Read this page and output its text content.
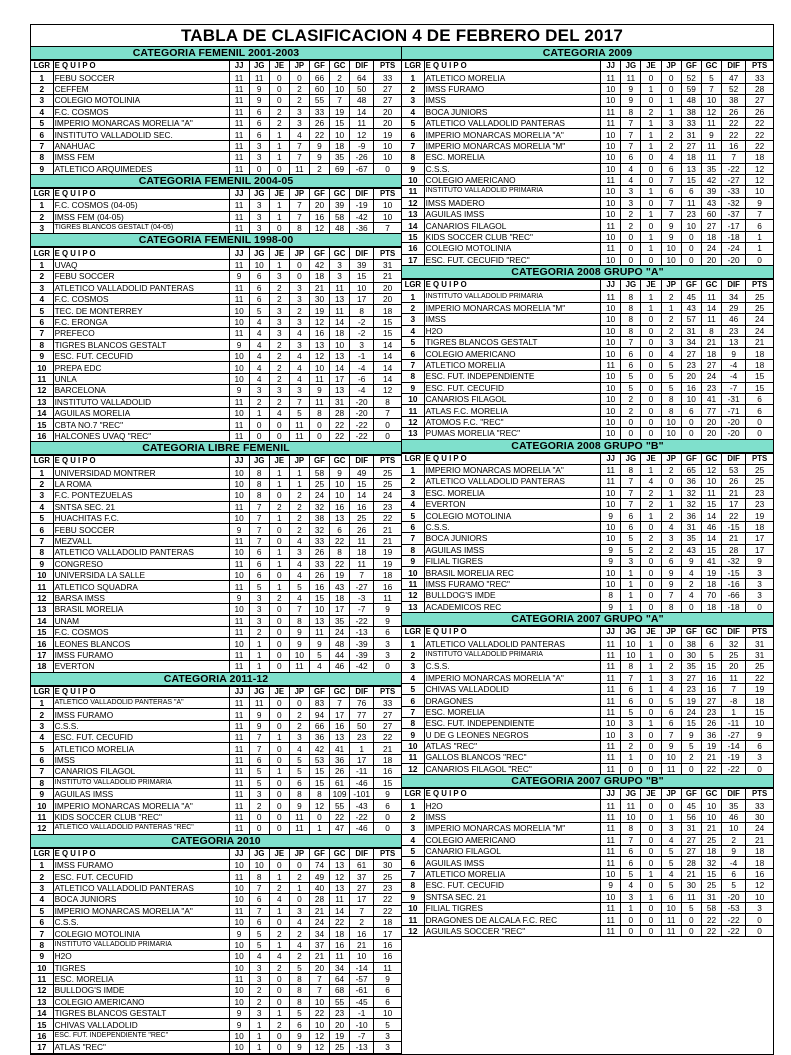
TABLA DE CLASIFICACION 4 DE FEBRERO DEL 2017
CATEGORIA FEMENIL 2001-2003
LGR	E Q U I P O	JJ	JG	JE	JP	GF	GC	DIF	PTS
1	FEBU SOCCER	11	11	0	0	66	2	64	33
2	CEFFEM	11	9	0	2	60	10	50	27
3	COLEGIO MOTOLINIA	11	9	0	2	55	7	48	27
4	F.C. COSMOS	11	6	2	3	33	19	14	20
5	IMPERIO MONARCAS MORELIA "A"	11	6	2	3	26	15	11	20
6	INSTITUTO VALLADOLID SEC.	11	6	1	4	22	10	12	19
7	ANAHUAC	11	3	1	7	9	18	-9	10
8	IMSS FEM	11	3	1	7	9	35	-26	10
9	ATLETICO ARQUIMEDES	11	0	0	11	2	69	-67	0
CATEGORIA FEMENIL 2004-05
LGR	E Q U I P O	JJ	JG	JE	JP	GF	GC	DIF	PTS
1	F.C. COSMOS (04-05)	11	3	1	7	20	39	-19	10
2	IMSS FEM (04-05)	11	3	1	7	16	58	-42	10
3	TIGRES BLANCOS GESTALT (04-05)	11	3	0	8	12	48	-36	7
CATEGORIA FEMENIL 1998-00
LGR	E Q U I P O	JJ	JG	JE	JP	GF	GC	DIF	PTS
1	UVAQ	11	10	1	0	42	3	39	31
2	FEBU SOCCER	9	6	3	0	18	3	15	21
3	ATLETICO VALLADOLID PANTERAS	11	6	2	3	21	11	10	20
4	F.C. COSMOS	11	6	2	3	30	13	17	20
5	TEC. DE MONTERREY	10	5	3	2	19	11	8	18
6	F.C. ERONGA	10	4	3	3	12	14	-2	15
7	PREFECO	11	4	3	4	16	18	-2	15
8	TIGRES BLANCOS GESTALT	9	4	2	3	13	10	3	14
9	ESC. FUT. CECUFID	10	4	2	4	12	13	-1	14
10	PREPA EDC	10	4	2	4	10	14	-4	14
11	UNLA	10	4	2	4	11	17	-6	14
12	BARCELONA	9	3	3	3	9	13	-4	12
13	INSTITUTO VALLADOLID	11	2	2	7	11	31	-20	8
14	AGUILAS MORELIA	10	1	4	5	8	28	-20	7
15	CBTA NO.7 "REC"	11	0	0	11	0	22	-22	0
16	HALCONES UVAQ "REC"	11	0	0	11	0	22	-22	0
CATEGORIA LIBRE FEMENIL
LGR	E Q U I P O	JJ	JG	JE	JP	GF	GC	DIF	PTS
1	UNIVERSIDAD MONTRER	10	8	1	1	58	9	49	25
2	LA ROMA	10	8	1	1	25	10	15	25
3	F.C. PONTEZUELAS	10	8	0	2	24	10	14	24
4	SNTSA SEC. 21	11	7	2	2	32	16	16	23
5	HUACHITAS F.C.	10	7	1	2	38	13	25	22
6	FEBU SOCCER	9	7	0	2	32	6	26	21
7	MEZVALL	11	7	0	4	33	22	11	21
8	ATLETICO VALLADOLID PANTERAS	10	6	1	3	26	8	18	19
9	CONGRESO	11	6	1	4	33	22	11	19
10	UNIVERSIDA LA SALLE	10	6	0	4	26	19	7	18
11	ATLETICO SQUADRA	11	5	1	5	16	43	-27	16
12	BARSA IMSS	9	3	2	4	15	18	-3	11
13	BRASIL MORELIA	10	3	0	7	10	17	-7	9
14	UNAM	11	3	0	8	13	35	-22	9
15	F.C. COSMOS	11	2	0	9	11	24	-13	6
16	LEONES BLANCOS	10	1	0	9	9	48	-39	3
17	IMSS FURAMO	11	1	0	10	5	44	-39	3
18	EVERTON	11	1	0	11	4	46	-42	0
CATEGORIA 2011-12
LGR	E Q U I P O	JJ	JG	JE	JP	GF	GC	DIF	PTS
1	ATLETICO VALLADOLID PANTERAS "A"	11	11	0	0	83	7	76	33
2	IMSS FURAMO	11	9	0	2	94	17	77	27
3	C.S.S.	11	9	0	2	66	16	50	27
4	ESC. FUT. CECUFID	11	7	1	3	36	13	23	22
5	ATLETICO MORELIA	11	7	0	4	42	41	1	21
6	IMSS	11	6	0	5	53	36	17	18
7	CANARIOS FILAGOL	11	5	1	5	15	26	-11	16
8	INSTITUTO VALLADOLID PRIMARIA	11	5	0	6	15	61	-46	15
9	AGUILAS IMSS	11	3	0	8	8	109	-101	9
10	IMPERIO MONARCAS MORELIA "A"	11	2	0	9	12	55	-43	6
11	KIDS SOCCER CLUB "REC"	11	0	0	11	0	22	-22	0
12	ATLETICO VALLADOLID PANTERAS "REC"	11	0	0	11	1	47	-46	0
CATEGORIA 2010
LGR	E Q U I P O	JJ	JG	JE	JP	GF	GC	DIF	PTS
1	IMSS FURAMO	10	10	0	0	74	13	61	30
2	ESC. FUT. CECUFID	11	8	1	2	49	12	37	25
3	ATLETICO VALLADOLID PANTERAS	10	7	2	1	40	13	27	23
4	BOCA JUNIORS	10	6	4	0	28	11	17	22
5	IMPERIO MONARCAS MORELIA "A"	11	7	1	3	21	14	7	22
6	C.S.S.	10	6	0	4	24	22	2	18
7	COLEGIO MOTOLINIA	9	5	2	2	34	18	16	17
8	INSTITUTO VALLADOLID PRIMARIA	10	5	1	4	37	16	21	16
9	H2O	10	4	4	2	21	11	10	16
10	TIGRES	10	3	2	5	20	34	-14	11
11	ESC. MORELIA	11	3	0	8	7	64	-57	9
12	BULLDOG'S IMDE	10	2	0	8	7	68	-61	6
13	COLEGIO AMERICANO	10	2	0	8	10	55	-45	6
14	TIGRES BLANCOS GESTALT	9	3	1	5	22	23	-1	10
15	CHIVAS VALLADOLID	9	1	2	6	10	20	-10	5
16	ESC. FUT. INDEPENDIENTE "REC"	10	1	0	9	12	19	-7	3
17	ATLAS "REC"	10	1	0	9	12	25	-13	3
CATEGORIA 2009
LGR	E Q U I P O	JJ	JG	JE	JP	GF	GC	DIF	PTS
1	ATLETICO MORELIA	11	11	0	0	52	5	47	33
2	IMSS FURAMO	10	9	1	0	59	7	52	28
3	IMSS	10	9	0	1	48	10	38	27
4	BOCA JUNIORS	11	8	2	1	38	12	26	26
5	ATLETICO VALLADOLID PANTERAS	11	7	1	3	33	11	22	22
6	IMPERIO MONARCAS MORELIA "A"	10	7	1	2	31	9	22	22
7	IMPERIO MONARCAS MORELIA "M"	10	7	1	2	27	11	16	22
8	ESC. MORELIA	10	6	0	4	18	11	7	18
9	C.S.S.	10	4	0	6	13	35	-22	12
10	COLEGIO AMERICANO	11	4	0	7	15	42	-27	12
11	INSTITUTO VALLADOLID PRIMARIA	10	3	1	6	6	39	-33	10
12	IMSS MADERO	10	3	0	7	11	43	-32	9
13	AGUILAS IMSS	10	2	1	7	23	60	-37	7
14	CANARIOS FILAGOL	11	2	0	9	10	27	-17	6
15	KIDS SOCCER CLUB "REC"	10	0	1	9	0	18	-18	1
16	COLEGIO MOTOLINIA	11	0	1	10	0	24	-24	1
17	ESC. FUT. CECUFID "REC"	10	0	0	10	0	20	-20	0
CATEGORIA 2008 GRUPO "A"
LGR	E Q U I P O	JJ	JG	JE	JP	GF	GC	DIF	PTS
1	INSTITUTO VALLADOLID PRIMARIA	11	8	1	2	45	11	34	25
2	IMPERIO MONARCAS MORELIA "M"	10	8	1	1	43	14	29	25
3	IMSS	10	8	0	2	57	11	46	24
4	H2O	10	8	0	2	31	8	23	24
5	TIGRES BLANCOS GESTALT	10	7	0	3	34	21	13	21
6	COLEGIO AMERICANO	10	6	0	4	27	18	9	18
7	ATLETICO MORELIA	11	6	0	5	23	27	-4	18
8	ESC. FUT. INDEPENDIENTE	10	5	0	5	20	24	-4	15
9	ESC. FUT. CECUFID	10	5	0	5	16	23	-7	15
10	CANARIOS FILAGOL	10	2	0	8	10	41	-31	6
11	ATLAS F.C. MORELIA	10	2	0	8	6	77	-71	6
12	ATOMOS F.C. "REC"	10	0	0	10	0	20	-20	0
13	PUMAS MORELIA "REC"	10	0	0	10	0	20	-20	0
CATEGORIA 2008 GRUPO "B"
LGR	E Q U I P O	JJ	JG	JE	JP	GF	GC	DIF	PTS
1	IMPERIO MONARCAS MORELIA "A"	11	8	1	2	65	12	53	25
2	ATLETICO VALLADOLID PANTERAS	11	7	4	0	36	10	26	25
3	ESC. MORELIA	10	7	2	1	32	11	21	23
4	EVERTON	10	7	2	1	32	15	17	23
5	COLEGIO MOTOLINIA	9	6	1	2	36	14	22	19
6	C.S.S.	10	6	0	4	31	46	-15	18
7	BOCA JUNIORS	10	5	2	3	35	14	21	17
8	AGUILAS IMSS	9	5	2	2	43	15	28	17
9	FILIAL TIGRES	9	3	0	6	9	41	-32	9
10	BRASIL MORELIA REC	10	1	0	9	4	19	-15	3
11	IMSS FURAMO "REC"	10	1	0	9	2	18	-16	3
12	BULLDOG'S IMDE	8	1	0	7	4	70	-66	3
13	ACADEMICOS REC	9	1	0	8	0	18	-18	0
CATEGORIA 2007 GRUPO "A"
LGR	E Q U I P O	JJ	JG	JE	JP	GF	GC	DIF	PTS
1	ATLETICO VALLADOLID PANTERAS	11	10	1	0	38	6	32	31
2	INSTITUTO VALLADOLID PRIMARIA	11	10	1	0	30	5	25	31
3	C.S.S.	11	8	1	2	35	15	20	25
4	IMPERIO MONARCAS MORELIA "A"	11	7	1	3	27	16	11	22
5	CHIVAS VALLADOLID	11	6	1	4	23	16	7	19
6	DRAGONES	11	6	0	5	19	27	-8	18
7	ESC. MORELIA	11	5	0	6	24	23	1	15
8	ESC. FUT. INDEPENDIENTE	10	3	1	6	15	26	-11	10
9	U DE G LEONES NEGROS	10	3	0	7	9	36	-27	9
10	ATLAS "REC"	11	2	0	9	5	19	-14	6
11	GALLOS BLANCOS "REC"	11	1	0	10	2	21	-19	3
12	CANARIOS FILAGOL "REC"	11	0	0	11	0	22	-22	0
CATEGORIA 2007 GRUPO "B"
LGR	E Q U I P O	JJ	JG	JE	JP	GF	GC	DIF	PTS
1	H2O	11	11	0	0	45	10	35	33
2	IMSS	11	10	0	1	56	10	46	30
3	IMPERIO MONARCAS MORELIA "M"	11	8	0	3	31	21	10	24
4	COLEGIO AMERICANO	11	7	0	4	27	25	2	21
5	CANARIO FILAGOL	11	6	0	5	27	18	9	18
6	AGUILAS IMSS	11	6	0	5	28	32	-4	18
7	ATLETICO MORELIA	10	5	1	4	21	15	6	16
8	ESC. FUT. CECUFID	9	4	0	5	30	25	5	12
9	SNTSA SEC. 21	10	3	1	6	11	31	-20	10
10	FILIAL TIGRES	11	1	0	10	5	58	-53	3
11	DRAGONES DE ALCALA F.C. REC	11	0	0	11	0	22	-22	0
12	AGUILAS SOCCER "REC"	11	0	0	11	0	22	-22	0
